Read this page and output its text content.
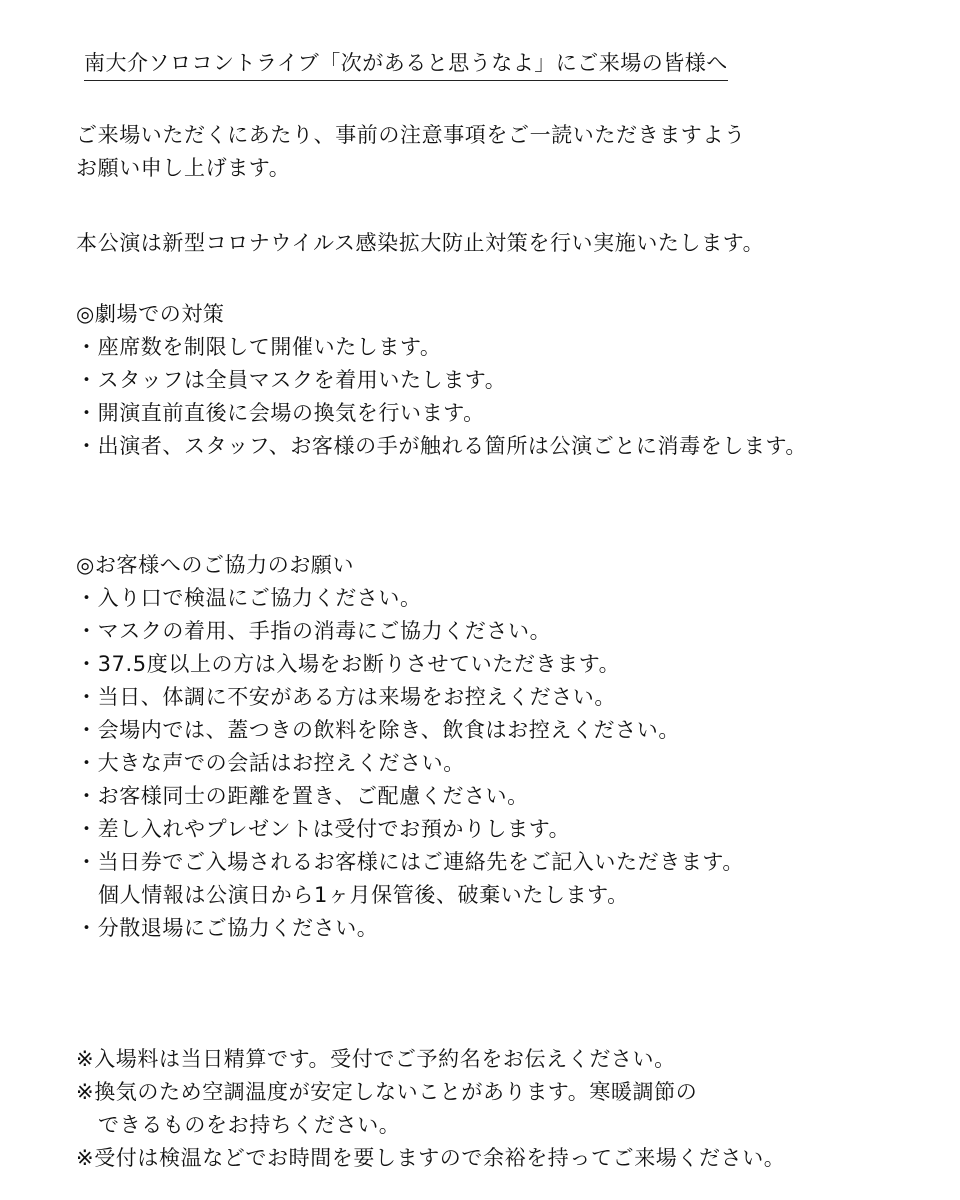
南大介ソロコントライブ「次があると思うなよ」にご来場の皆様へ
ご来場いただくにあたり、事前の注意事項をご一読いただきますよう
お願い申し上げます。
本公演は新型コロナウイルス感染拡大防止対策を行い実施いたします。
◎劇場での対策
・座席数を制限して開催いたします。
・スタッフは全員マスクを着用いたします。
・開演直前直後に会場の換気を行います。
・出演者、スタッフ、お客様の手が触れる箇所は公演ごとに消毒をします。
◎お客様へのご協力のお願い
・入り口で検温にご協力ください。
・マスクの着用、手指の消毒にご協力ください。
・37.5度以上の方は入場をお断りさせていただきます。
・当日、体調に不安がある方は来場をお控えください。
・会場内では、蓋つきの飲料を除き、飲食はお控えください。
・大きな声での会話はお控えください。
・お客様同士の距離を置き、ご配慮ください。
・差し入れやプレゼントは受付でお預かりします。
・当日券でご入場されるお客様にはご連絡先をご記入いただきます。
個人情報は公演日から1ヶ月保管後、破棄いたします。
・分散退場にご協力ください。
※入場料は当日精算です。受付でご予約名をお伝えください。
※換気のため空調温度が安定しないことがあります。寒暖調節の
できるものをお持ちください。
※受付は検温などでお時間を要しますので余裕を持ってご来場ください。
